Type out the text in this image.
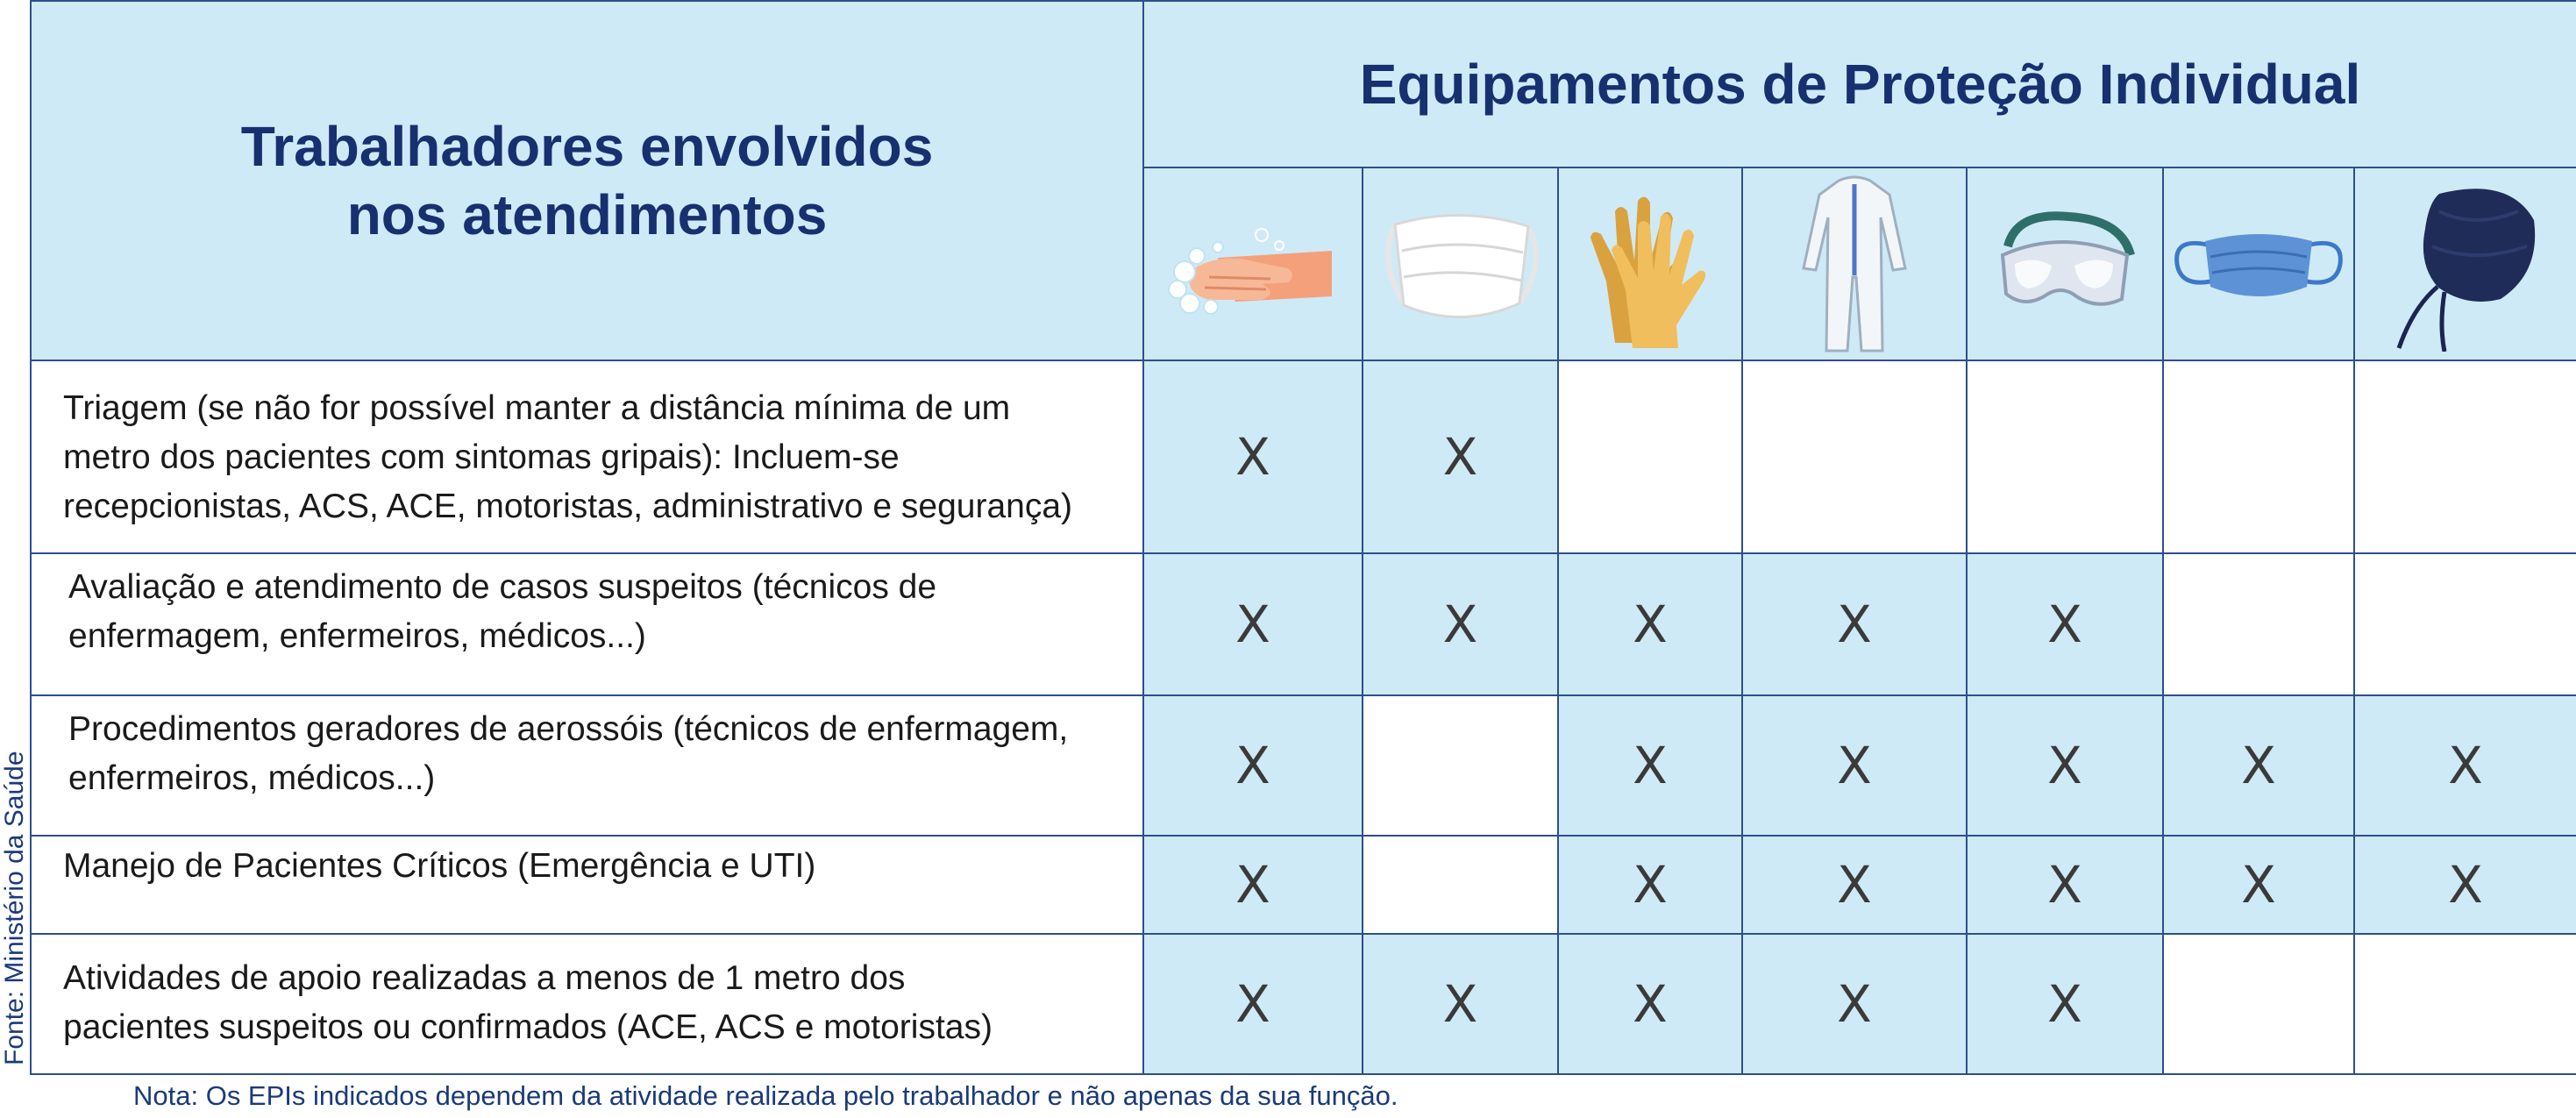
Fonte: Ministério da Saúde
Trabalhadores envolvidos
nos atendimentos	Equipamentos de Proteção Individual						

Triagem (se não for possível manter a distância mínima de um
metro dos pacientes com sintomas gripais): Incluem-se
recepcionistas, ACS, ACE, motoristas, administrativo e segurança)	X	X					

Avaliação e atendimento de casos suspeitos (técnicos de
enfermagem, enfermeiros, médicos...)	X	X	X	X	X		

Procedimentos geradores de aerossóis (técnicos de enfermagem,
enfermeiros, médicos...)	X		X	X	X	X	X

Manejo de Pacientes Críticos (Emergência e UTI)	X		X	X	X	X	X

Atividades de apoio realizadas a menos de 1 metro dos
pacientes suspeitos ou confirmados (ACE, ACS e motoristas)	X	X	X	X	X		
Nota: Os EPIs indicados dependem da atividade realizada pelo trabalhador e não apenas da sua função.
